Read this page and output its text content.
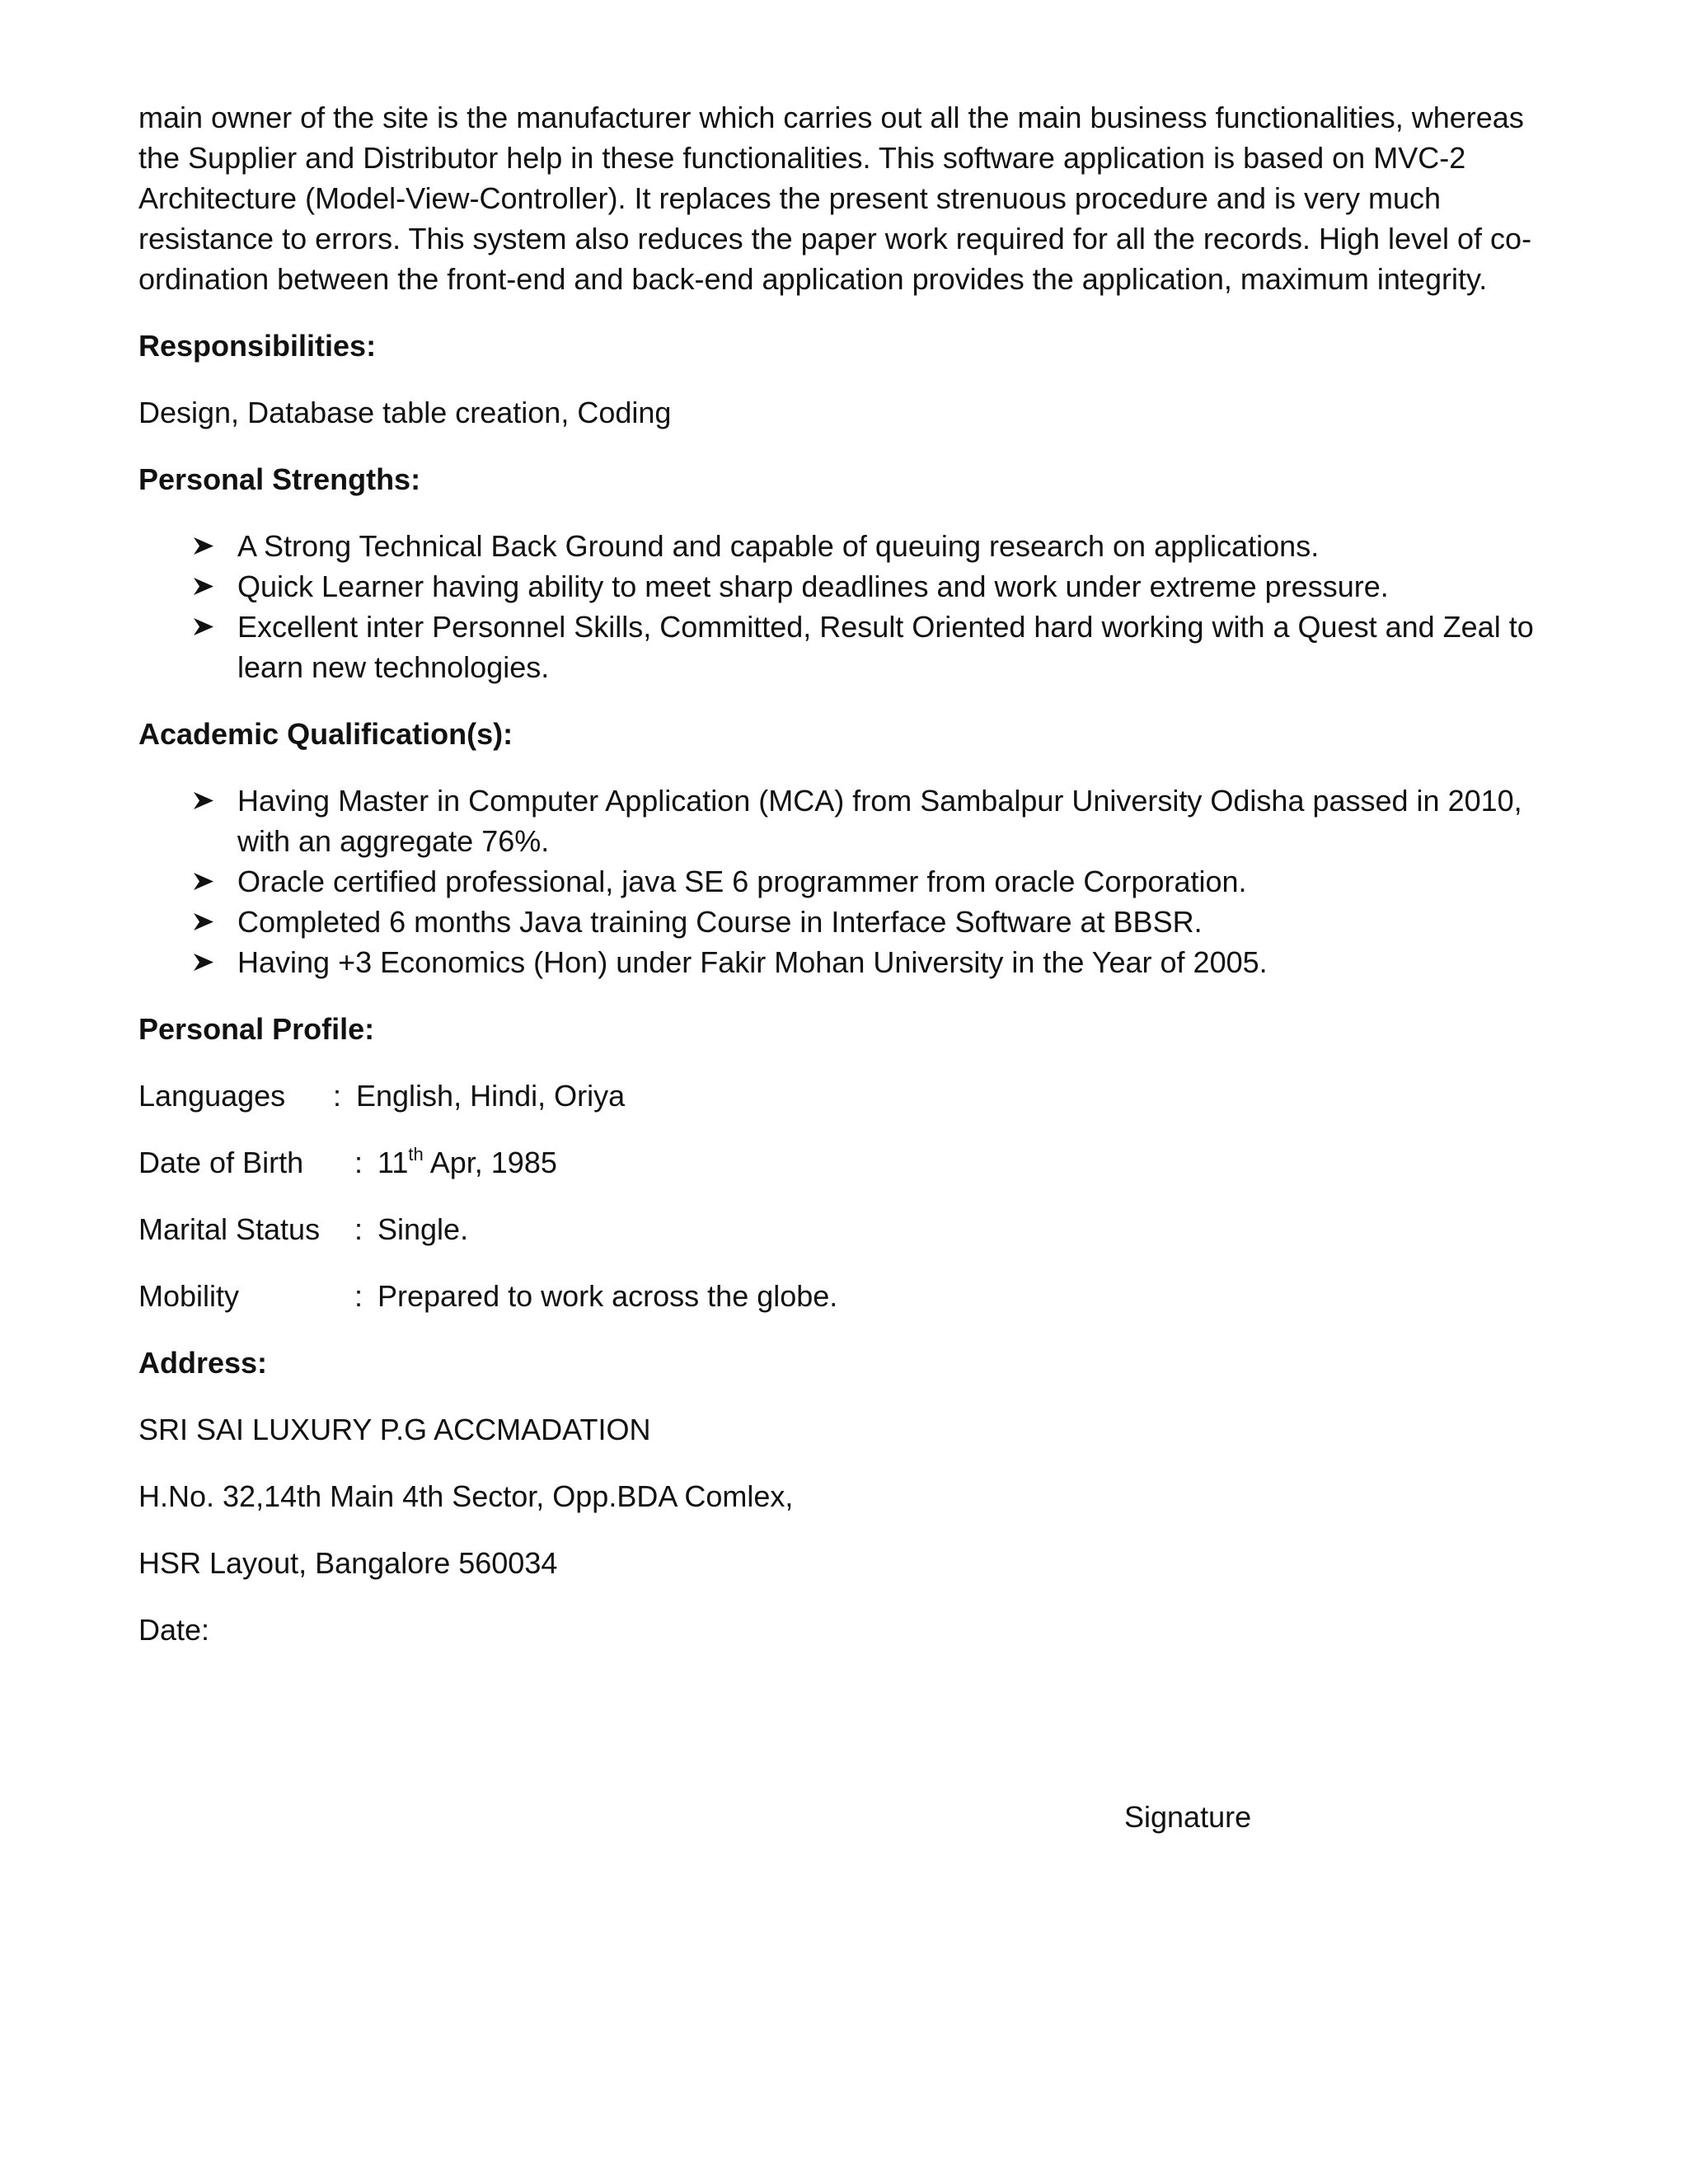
main owner of the site is the manufacturer which carries out all the main business functionalities, whereas the Supplier and Distributor help in these functionalities. This software application is based on MVC-2 Architecture (Model-View-Controller). It replaces the present strenuous procedure and is very much resistance to errors. This system also reduces the paper work required for all the records. High level of co-ordination between the front-end and back-end application provides the application, maximum integrity.

Responsibilities:

Design, Database table creation, Coding

Personal Strengths:

A Strong Technical Back Ground and capable of queuing research on applications.
Quick Learner having ability to meet sharp deadlines and work under extreme pressure.
Excellent inter Personnel Skills, Committed, Result Oriented hard working with a Quest and Zeal to learn new technologies.

Academic Qualification(s):

Having Master in Computer Application (MCA) from Sambalpur University Odisha passed in 2010, with an aggregate 76%.
Oracle certified professional, java SE 6 programmer from oracle Corporation.
Completed 6 months Java training Course in Interface Software at BBSR.
Having +3 Economics (Hon) under Fakir Mohan University in the Year of 2005.

Personal Profile:

Languages	: English, Hindi, Oriya
Date of Birth	: 11th Apr, 1985
Marital Status	: Single.
Mobility	: Prepared to work across the globe.

Address:

SRI SAI LUXURY P.G ACCMADATION

H.No. 32,14th Main 4th Sector, Opp.BDA Comlex,

HSR Layout, Bangalore 560034

Date:

Signature
